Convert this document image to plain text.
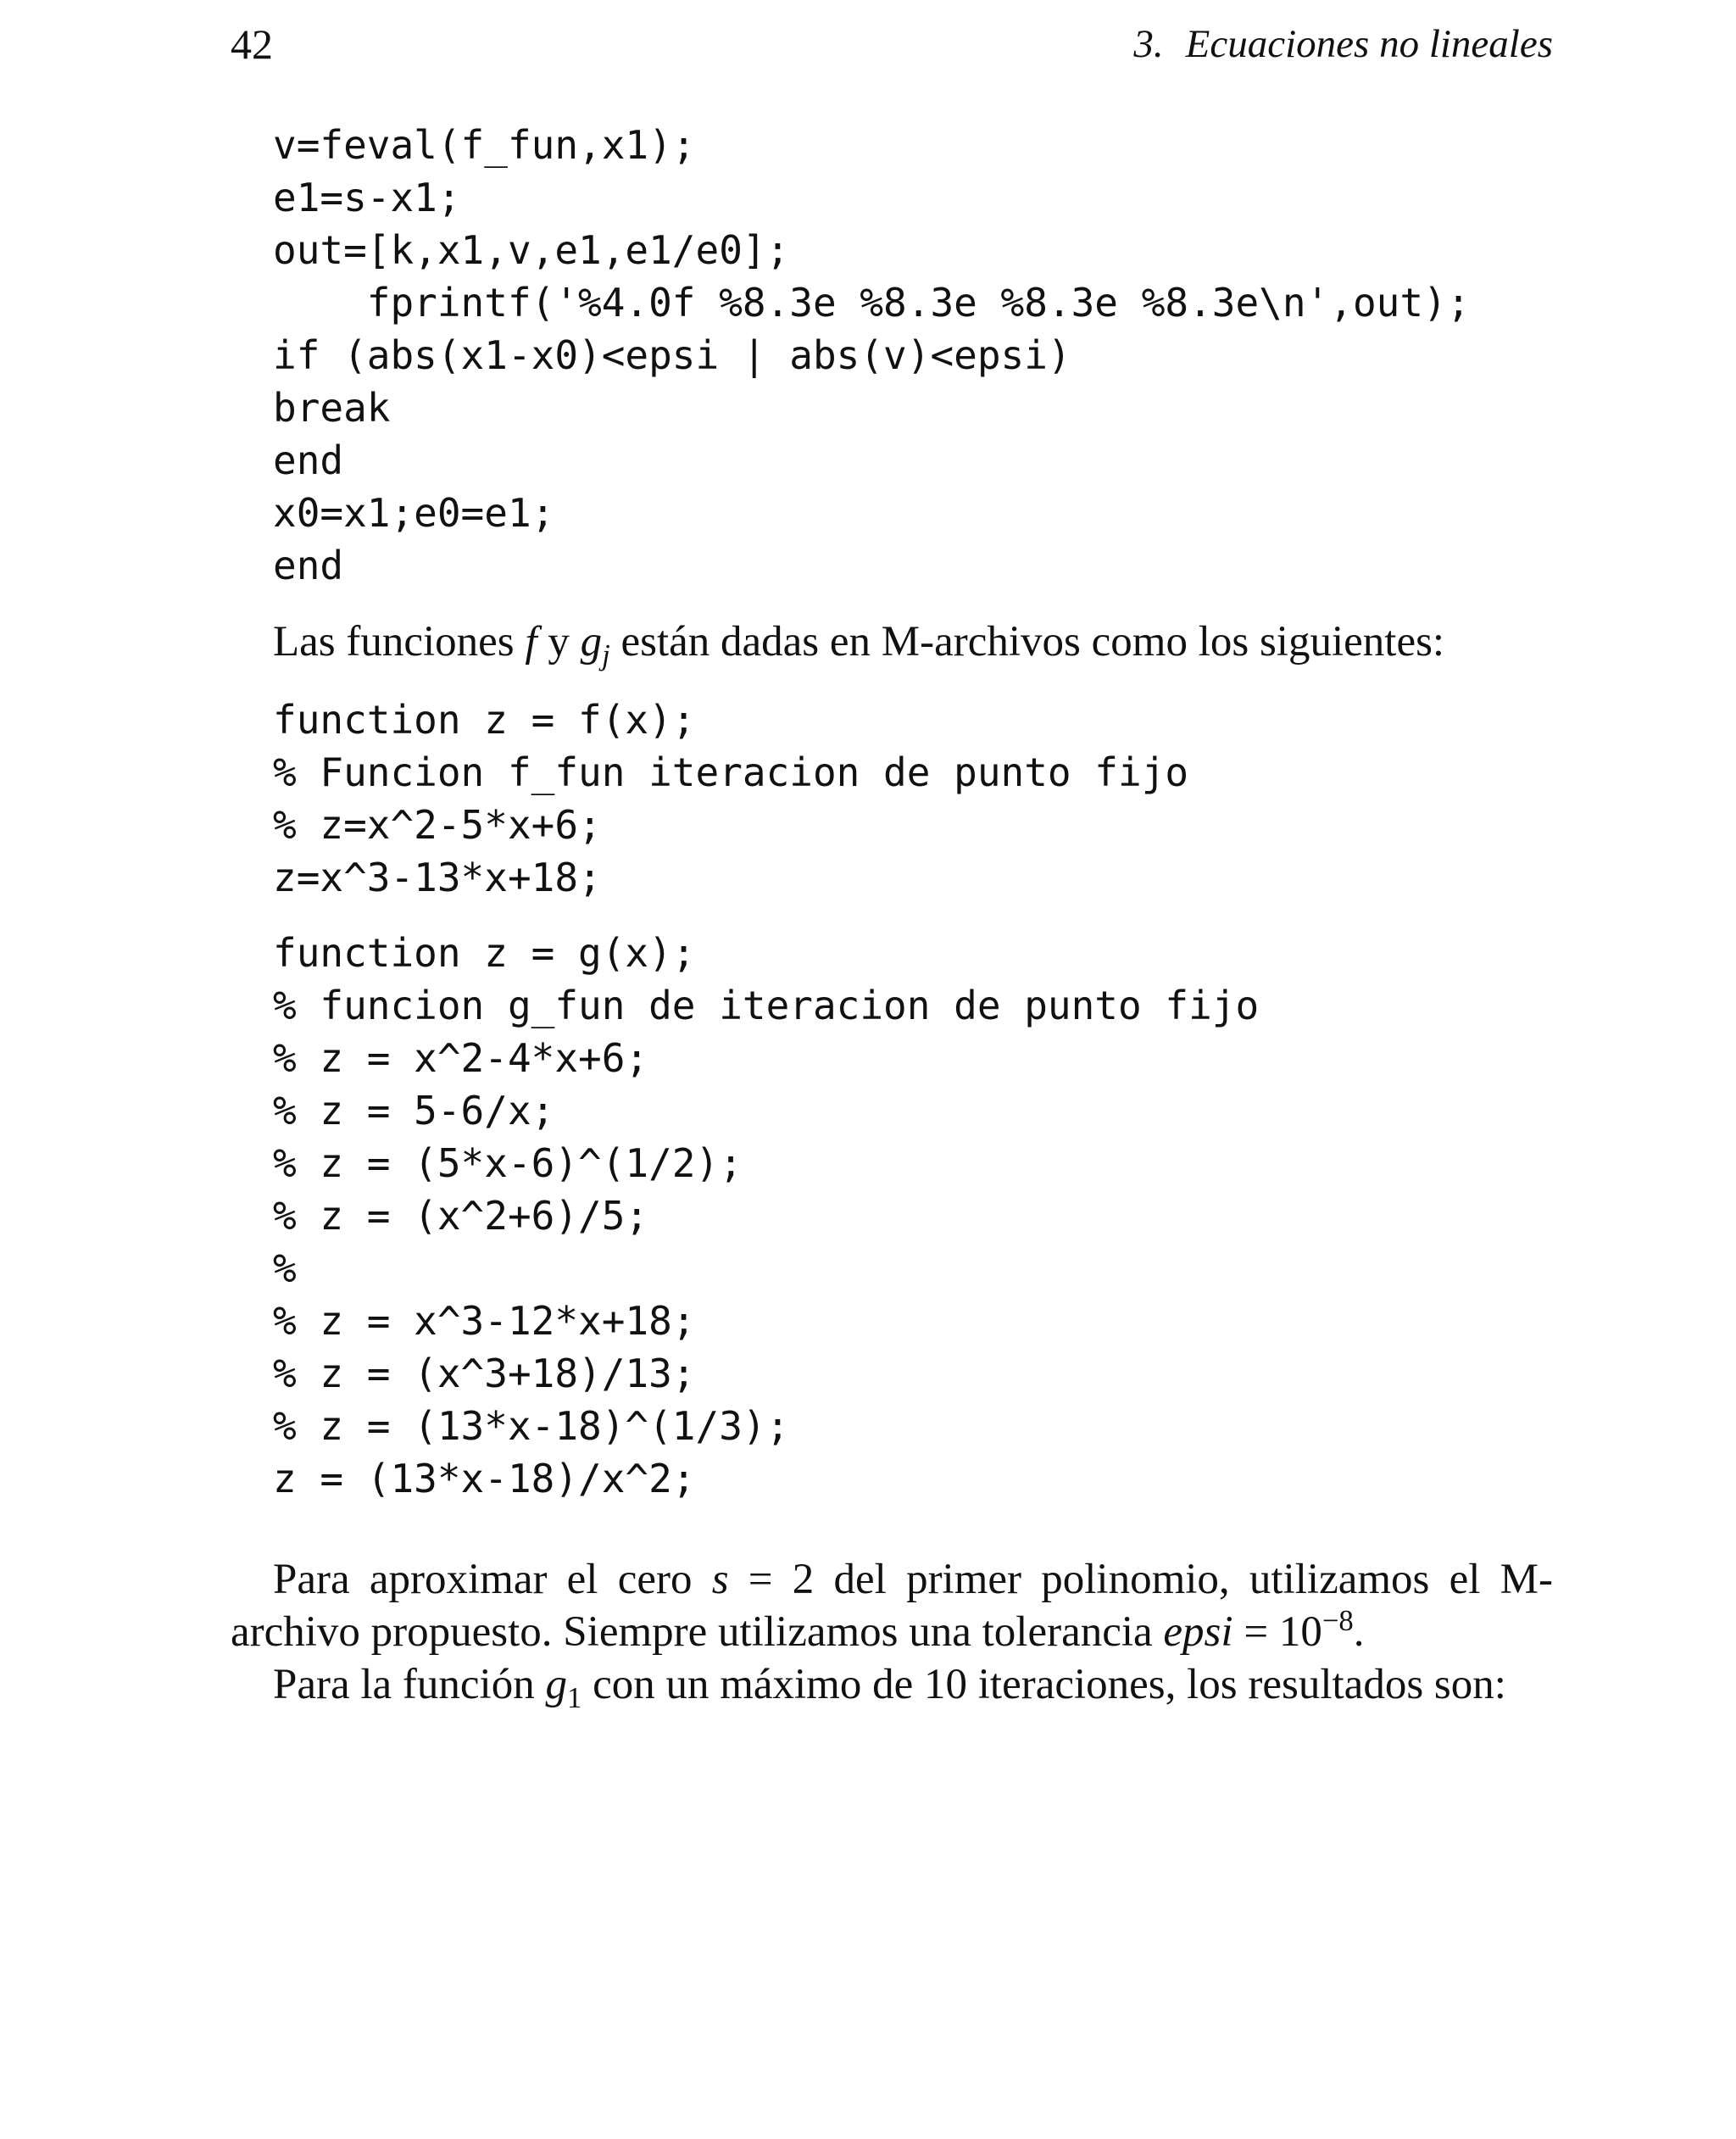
42	3. Ecuaciones no lineales
v=feval(f_fun,x1);
e1=s-x1;
out=[k,x1,v,e1,e1/e0];
fprintf('%4.0f %8.3e %8.3e %8.3e %8.3e\n',out);
if (abs(x1-x0)<epsi | abs(v)<epsi)
break
end
x0=x1;e0=e1;
end
Las funciones f y $g_j$ están dadas en M-archivos como los siguientes:
function z = f(x);
% Funcion f_fun iteracion de punto fijo
% z=x^2-5*x+6;
z=x^3-13*x+18;
function z = g(x);
% funcion g_fun de iteracion de punto fijo
% z = x^2-4*x+6;
% z = 5-6/x;
% z = (5*x-6)^(1/2);
% z = (x^2+6)/5;
%
% z = x^3-12*x+18;
% z = (x^3+18)/13;
% z = (13*x-18)^(1/3);
z = (13*x-18)/x^2;

Para aproximar el cero s = 2 del primer polinomio, utilizamos el M-archivo propuesto. Siempre utilizamos una tolerancia epsi = $10^{-8}$.

Para la función $g_1$ con un máximo de 10 iteraciones, los resultados son:
